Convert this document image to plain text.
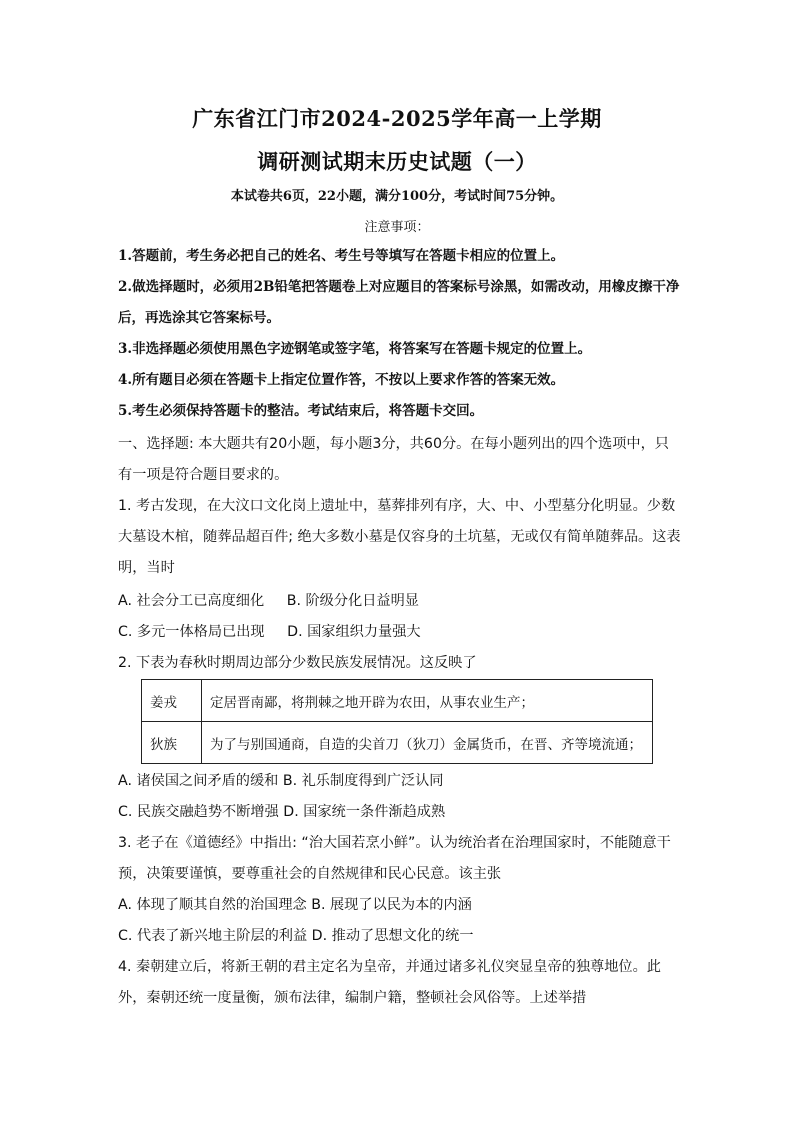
广东省江门市2024-2025学年高一上学期
调研测试期末历史试题（一）
本试卷共6页，22小题，满分100分，考试时间75分钟。
注意事项：
1.答题前，考生务必把自己的姓名、考生号等填写在答题卡相应的位置上。
2.做选择题时，必须用2B铅笔把答题卷上对应题目的答案标号涂黑，如需改动，用橡皮擦干净后，再选涂其它答案标号。
3.非选择题必须使用黑色字迹钢笔或签字笔，将答案写在答题卡规定的位置上。
4.所有题目必须在答题卡上指定位置作答，不按以上要求作答的答案无效。
5.考生必须保持答题卡的整洁。考试结束后，将答题卡交回。
一、选择题: 本大题共有20小题，每小题3分，共60分。在每小题列出的四个选项中，只有一项是符合题目要求的。
1. 考古发现，在大汶口文化岗上遗址中，墓葬排列有序，大、中、小型墓分化明显。少数大墓设木棺，随葬品超百件; 绝大多数小墓是仅容身的土坑墓，无或仅有简单随葬品。这表明，当时
A. 社会分工已高度细化     B. 阶级分化日益明显
C. 多元一体格局已出现     D. 国家组织力量强大
2. 下表为春秋时期周边部分少数民族发展情况。这反映了
姜戎	定居晋南鄙，将荆棘之地开辟为农田，从事农业生产；
狄族	为了与别国通商，自造的尖首刀（狄刀）金属货币，在晋、齐等境流通；
A. 诸侯国之间矛盾的缓和 B. 礼乐制度得到广泛认同
C. 民族交融趋势不断增强 D. 国家统一条件渐趋成熟
3. 老子在《道德经》中指出: “治大国若烹小鲜”。认为统治者在治理国家时，不能随意干预，决策要谨慎，要尊重社会的自然规律和民心民意。该主张
A. 体现了顺其自然的治国理念 B. 展现了以民为本的内涵
C. 代表了新兴地主阶层的利益 D. 推动了思想文化的统一
4. 秦朝建立后，将新王朝的君主定名为皇帝，并通过诸多礼仪突显皇帝的独尊地位。此外，秦朝还统一度量衡，颁布法律，编制户籍，整顿社会风俗等。上述举措
